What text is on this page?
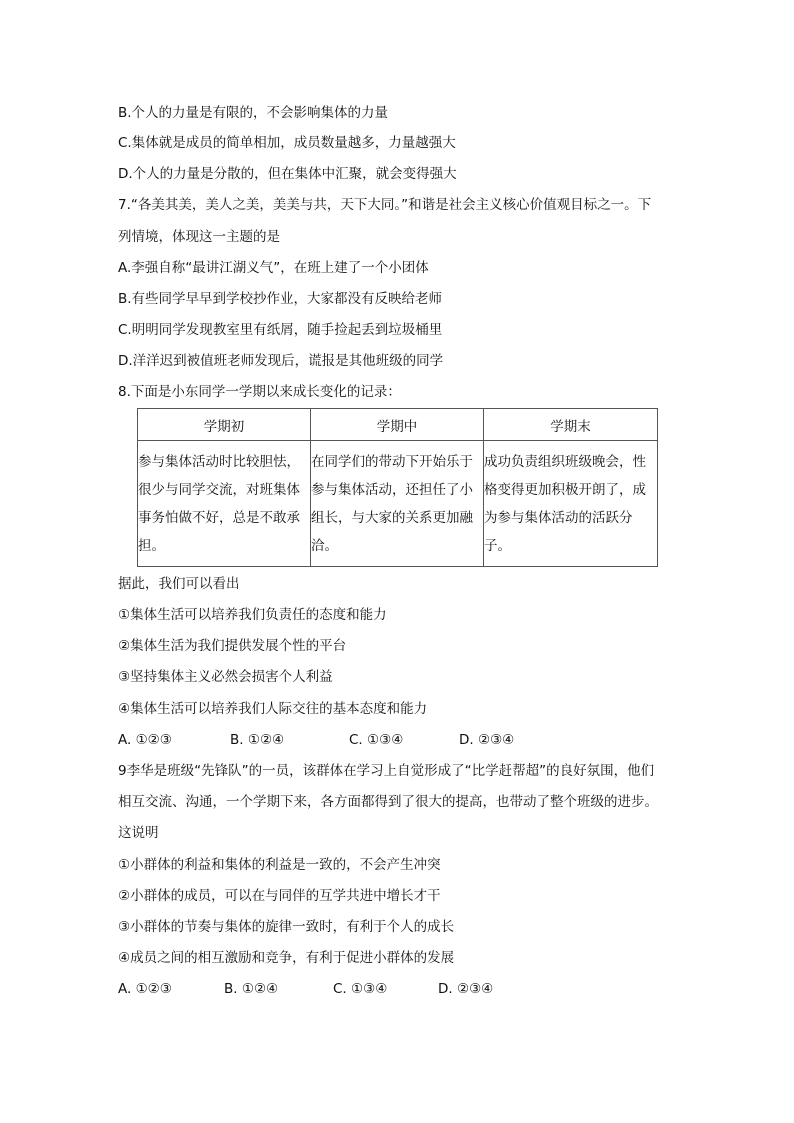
B.个人的力量是有限的，不会影响集体的力量
C.集体就是成员的简单相加，成员数量越多，力量越强大
D.个人的力量是分散的，但在集体中汇聚，就会变得强大
7.“各美其美，美人之美，美美与共，天下大同。”和谐是社会主义核心价值观目标之一。下
列情境，体现这一主题的是
A.李强自称“最讲江湖义气”，在班上建了一个小团体
B.有些同学早早到学校抄作业，大家都没有反映给老师
C.明明同学发现教室里有纸屑，随手捡起丢到垃圾桶里
D.洋洋迟到被值班老师发现后，谎报是其他班级的同学
8.下面是小东同学一学期以来成长变化的记录：
学期初	学期中	学期末
参与集体活动时比较胆怯，很少与同学交流，对班集体事务怕做不好，总是不敢承担。	在同学们的带动下开始乐于参与集体活动，还担任了小组长，与大家的关系更加融洽。	成功负责组织班级晚会，性格变得更加积极开朗了，成为参与集体活动的活跃分子。
据此，我们可以看出
①集体生活可以培养我们负责任的态度和能力
②集体生活为我们提供发展个性的平台
③坚持集体主义必然会损害个人利益
④集体生活可以培养我们人际交往的基本态度和能力
A. ①②③	B. ①②④	C. ①③④	D. ②③④
9李华是班级“先锋队”的一员，该群体在学习上自觉形成了“比学赶帮超”的良好氛围，他们
相互交流、沟通，一个学期下来，各方面都得到了很大的提高，也带动了整个班级的进步。
这说明
①小群体的利益和集体的利益是一致的，不会产生冲突
②小群体的成员，可以在与同伴的互学共进中增长才干
③小群体的节奏与集体的旋律一致时，有利于个人的成长
④成员之间的相互激励和竞争，有利于促进小群体的发展
A. ①②③	B. ①②④	C. ①③④	D. ②③④
